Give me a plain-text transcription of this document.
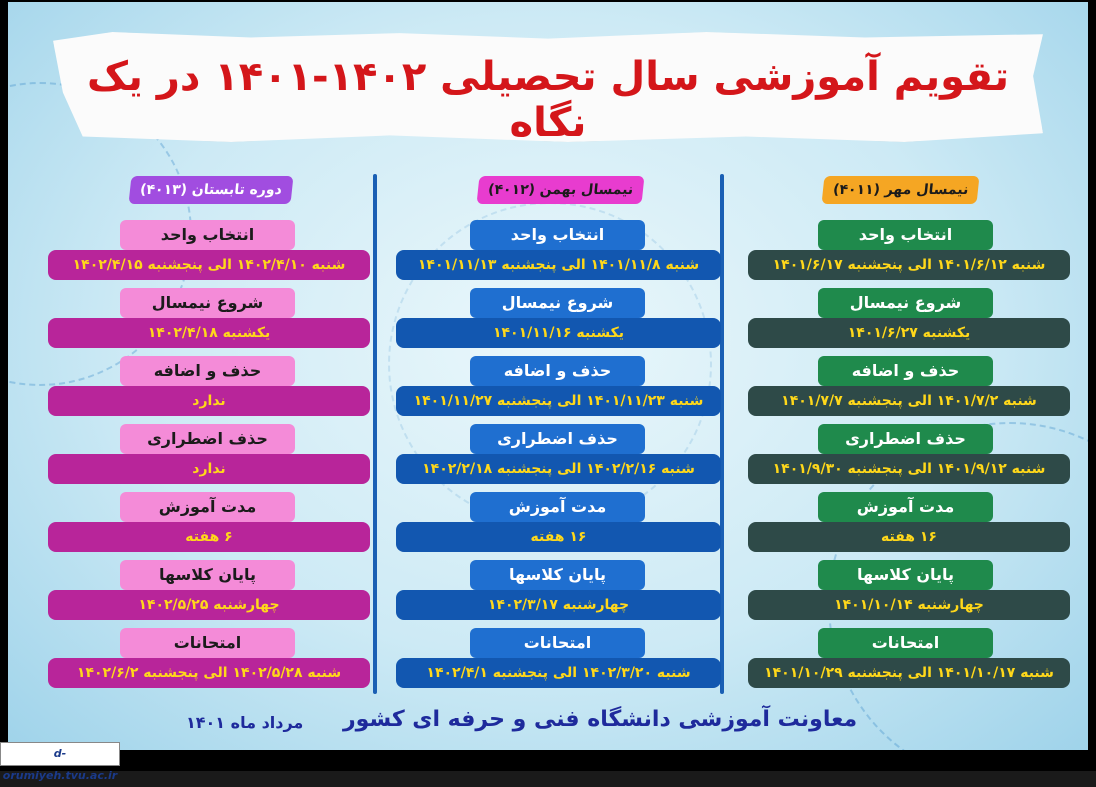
تقویم آموزشی سال تحصیلی ۱۴۰۲-۱۴۰۱ در یک نگاه
نیمسال مهر (۴۰۱۱)
انتخاب واحد
شنبه ۱۴۰۱/۶/۱۲ الی پنجشنبه ۱۴۰۱/۶/۱۷
شروع نیمسال
یکشنبه ۱۴۰۱/۶/۲۷
حذف و اضافه
شنبه ۱۴۰۱/۷/۲ الی پنجشنبه ۱۴۰۱/۷/۷
حذف اضطراری
شنبه ۱۴۰۱/۹/۱۲ الی پنجشنبه ۱۴۰۱/۹/۳۰
مدت آموزش
۱۶ هفته
پایان کلاسها
چهارشنبه ۱۴۰۱/۱۰/۱۴
امتحانات
شنبه ۱۴۰۱/۱۰/۱۷ الی پنجشنبه ۱۴۰۱/۱۰/۲۹
نیمسال بهمن (۴۰۱۲)
انتخاب واحد
شنبه ۱۴۰۱/۱۱/۸ الی پنجشنبه ۱۴۰۱/۱۱/۱۳
شروع نیمسال
یکشنبه ۱۴۰۱/۱۱/۱۶
حذف و اضافه
شنبه ۱۴۰۱/۱۱/۲۳ الی پنجشنبه ۱۴۰۱/۱۱/۲۷
حذف اضطراری
شنبه ۱۴۰۲/۲/۱۶ الی پنجشنبه ۱۴۰۲/۲/۱۸
مدت آموزش
۱۶ هفته
پایان کلاسها
چهارشنبه ۱۴۰۲/۳/۱۷
امتحانات
شنبه ۱۴۰۲/۳/۲۰ الی پنجشنبه ۱۴۰۲/۴/۱
دوره تابستان (۴۰۱۳)
انتخاب واحد
شنبه ۱۴۰۲/۴/۱۰ الی پنجشنبه ۱۴۰۲/۴/۱۵
شروع نیمسال
یکشنبه ۱۴۰۲/۴/۱۸
حذف و اضافه
ندارد
حذف اضطراری
ندارد
مدت آموزش
۶ هفته
پایان کلاسها
چهارشنبه ۱۴۰۲/۵/۲۵
امتحانات
شنبه ۱۴۰۲/۵/۲۸ الی پنجشنبه ۱۴۰۲/۶/۲
معاونت آموزشی دانشگاه فنی و حرفه ای کشور
مرداد ماه ۱۴۰۱
d-orumiyeh.tvu.ac.ir
